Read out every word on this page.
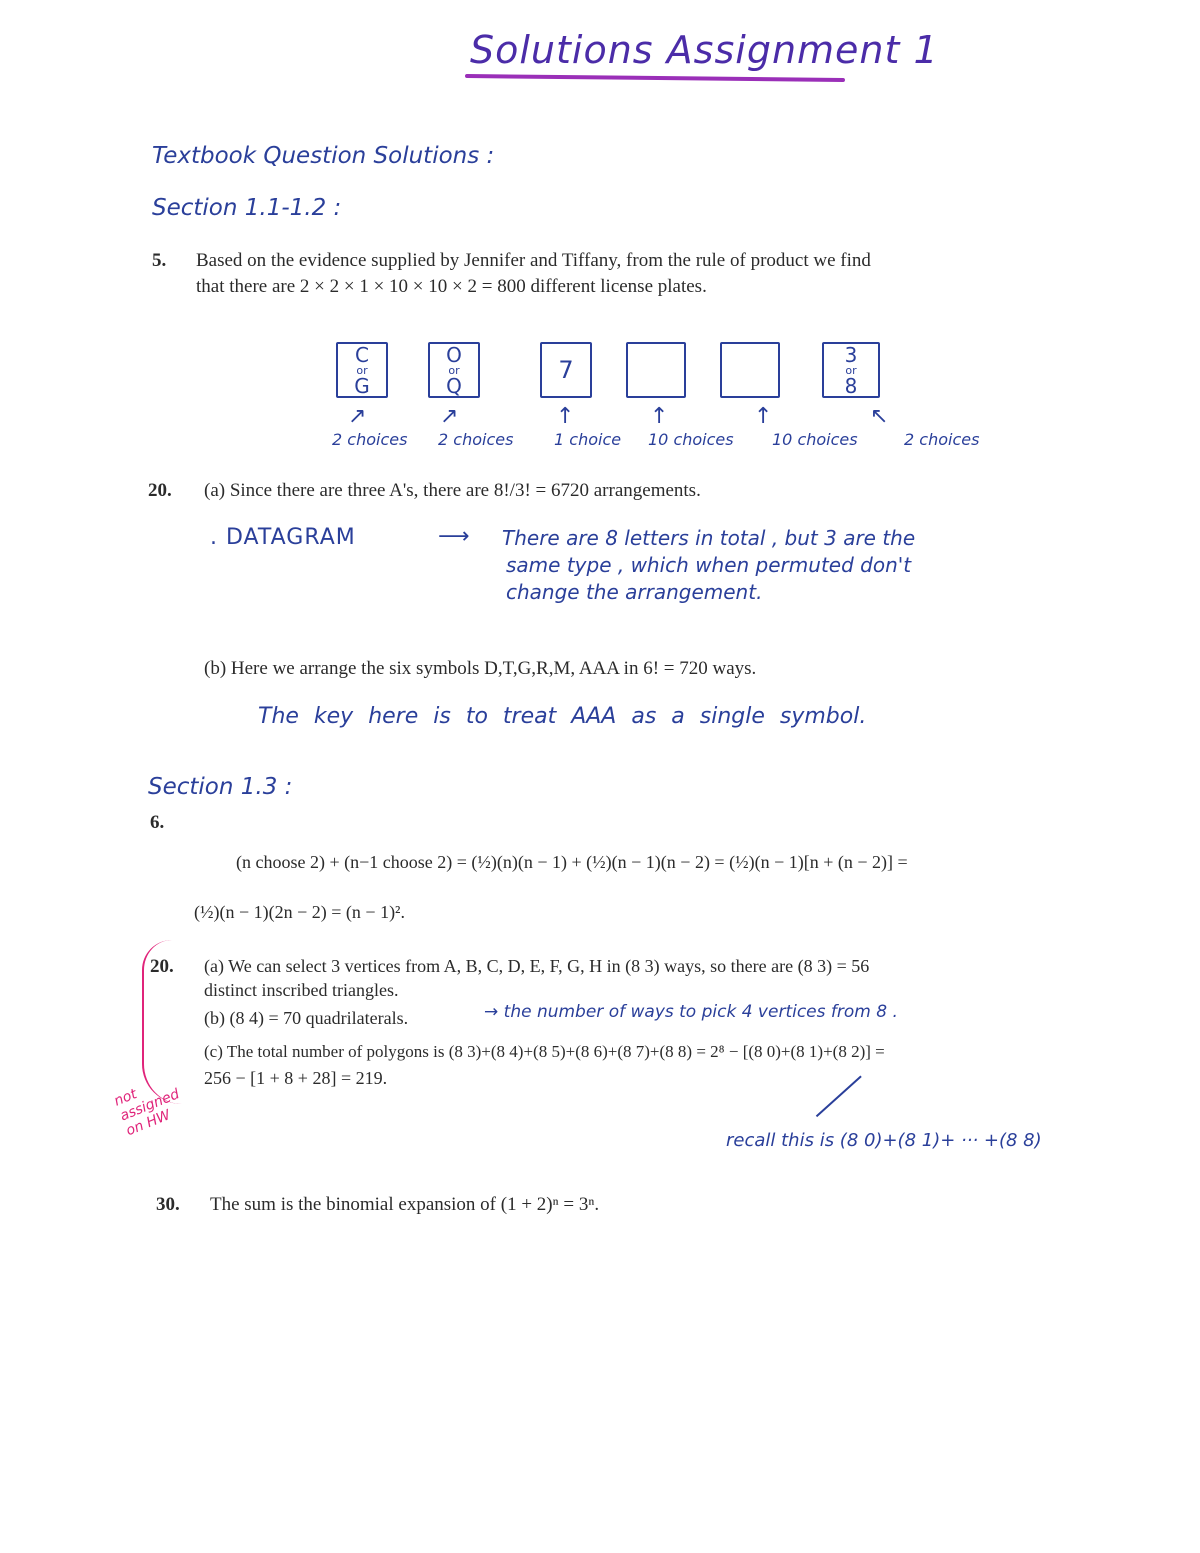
Solutions Assignment 1
Textbook Question Solutions :
Section 1.1-1.2 :
5. Based on the evidence supplied by Jennifer and Tiffany, from the rule of product we find
that there are 2 × 2 × 1 × 10 × 10 × 2 = 800 different license plates.
C
or
G
O
or
Q
7
3
or
8
↗	↗	↑	↑	↑	↖
2 choices 2 choices	1 choice 10 choices 10 choices	2 choices
20. (a) Since there are three A's, there are 8!/3! = 6720 arrangements.
. DATAGRAM	⟶ There are 8 letters in total , but 3 are the
same type , which when permuted don't
change the arrangement.
(b) Here we arrange the six symbols D,T,G,R,M, AAA in 6! = 720 ways.
The key here is to treat AAA as a single symbol.
Section 1.3 :
6.
(n choose 2) + (n−1 choose 2) = (½)(n)(n − 1) + (½)(n − 1)(n − 2) = (½)(n − 1)[n + (n − 2)] =
(½)(n − 1)(2n − 2) = (n − 1)².
20. (a) We can select 3 vertices from A, B, C, D, E, F, G, H in (8 3) ways, so there are (8 3) = 56
distinct inscribed triangles.
(b) (8 4) = 70 quadrilaterals.	→ the number of ways to pick 4 vertices from 8 .
(c) The total number of polygons is (8 3)+(8 4)+(8 5)+(8 6)+(8 7)+(8 8) = 2⁸ − [(8 0)+(8 1)+(8 2)] =
256 − [1 + 8 + 28] = 219.
recall this is (8 0)+(8 1)+ ··· +(8 8)
not assigned on HW
30. The sum is the binomial expansion of (1 + 2)ⁿ = 3ⁿ.
